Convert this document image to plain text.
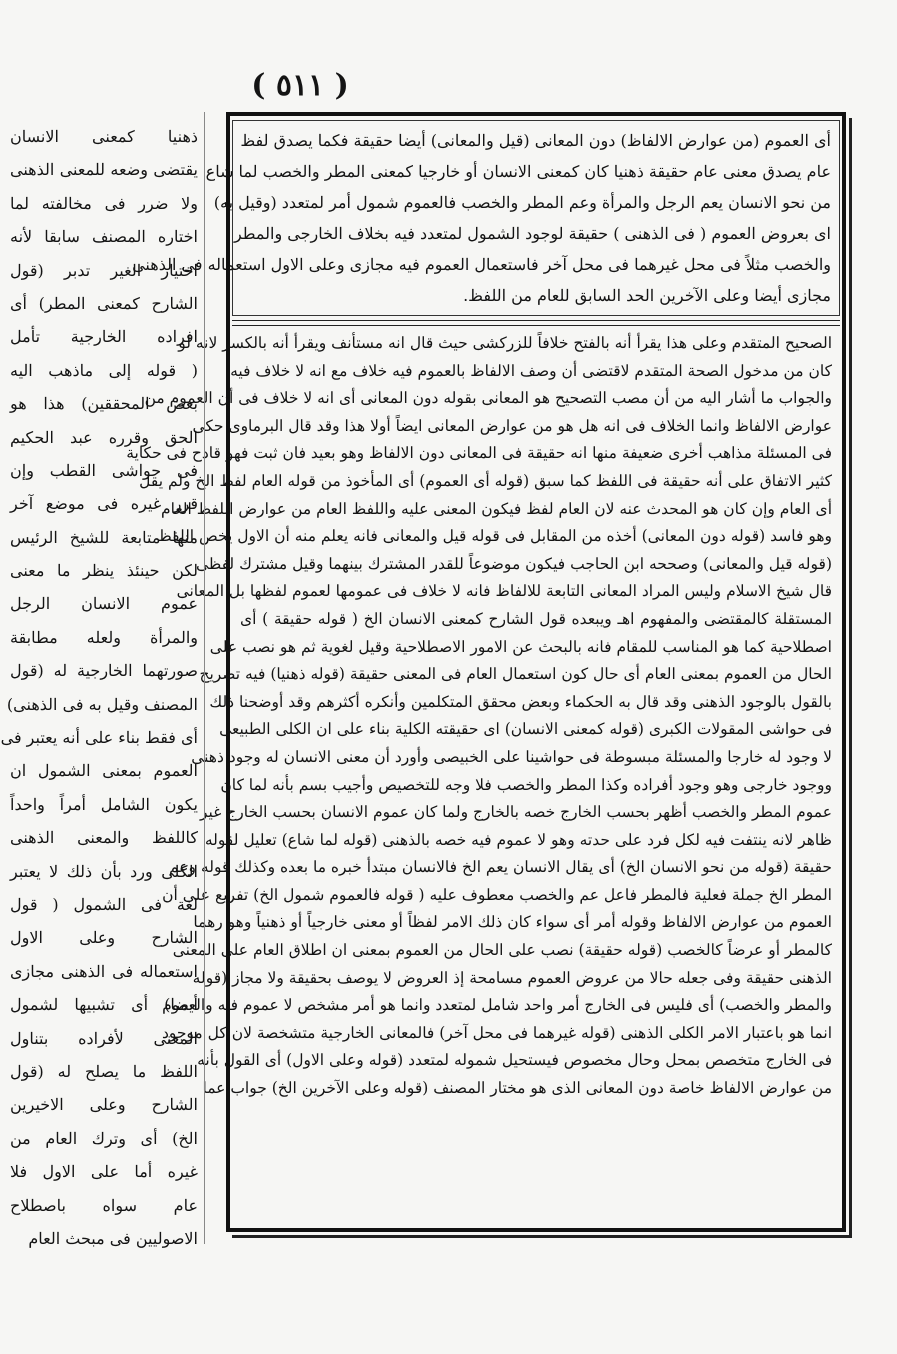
( ٥١١ )
أى العموم (من عوارض الالفاظ) دون المعانى (قيل والمعانى) أيضا حقيقة فكما يصدق لفظ
عام يصدق معنى عام حقيقة ذهنيا كان كمعنى الانسان أو خارجيا كمعنى المطر والخصب لما شاع
من نحو الانسان يعم الرجل والمرأة وعم المطر والخصب فالعموم شمول أمر لمتعدد (وقيل به)
اى بعروض العموم ( فى الذهنى ) حقيقة لوجود الشمول لمتعدد فيه بخلاف الخارجى والمطر
والخصب مثلاً فى محل غيرهما فى محل آخر فاستعمال العموم فيه مجازى وعلى الاول استعماله فى الذهنى
مجازى أيضا وعلى الآخرين الحد السابق للعام من اللفظ.
الصحيح المتقدم وعلى هذا يقرأ أنه بالفتح خلافاً للزركشى حيث قال انه مستأنف ويقرأ أنه بالكسر لانه لو
كان من مدخول الصحة المتقدم لاقتضى أن وصف الالفاظ بالعموم فيه خلاف مع انه لا خلاف فيه
والجواب ما أشار اليه من أن مصب التصحيح هو المعانى بقوله دون المعانى أى انه لا خلاف فى أن العموم من
عوارض الالفاظ وانما الخلاف فى انه هل هو من عوارض المعانى ايضاً أولا هذا وقد قال البرماوى حكى
فى المسئلة مذاهب أخرى ضعيفة منها انه حقيقة فى المعانى دون الالفاظ وهو بعيد فان ثبت فهو قادح فى حكاية
كثير الاتفاق على أنه حقيقة فى اللفظ كما سبق (قوله أى العموم) أى المأخوذ من قوله العام لفظ الخ ولم يقل
أى العام وإن كان هو المحدث عنه لان العام لفظ فيكون المعنى عليه واللفظ العام من عوارض اللفظ العام
وهو فاسد (قوله دون المعانى) أخذه من المقابل فى قوله قيل والمعانى فانه يعلم منه أن الاول يخص اللفظ
(قوله قيل والمعانى) وصححه ابن الحاجب فيكون موضوعاً للقدر المشترك بينهما وقيل مشترك لفظى
قال شيخ الاسلام وليس المراد المعانى التابعة للالفاظ فانه لا خلاف فى عمومها لعموم لفظها بل المعانى
المستقلة كالمقتضى والمفهوم اهـ ويبعده قول الشارح كمعنى الانسان الخ ( قوله حقيقة ) أى
اصطلاحية كما هو المناسب للمقام فانه بالبحث عن الامور الاصطلاحية وقيل لغوية ثم هو نصب على
الحال من العموم بمعنى العام أى حال كون استعمال العام فى المعنى حقيقة (قوله ذهنيا) فيه تصريح
بالقول بالوجود الذهنى وقد قال به الحكماء وبعض محقق المتكلمين وأنكره أكثرهم وقد أوضحنا ذلك
فى حواشى المقولات الكبرى (قوله كمعنى الانسان) اى حقيقته الكلية بناء على ان الكلى الطبيعى
لا وجود له خارجا والمسئلة مبسوطة فى حواشينا على الخبيصى وأورد أن معنى الانسان له وجود ذهنى
ووجود خارجى وهو وجود أفراده وكذا المطر والخصب فلا وجه للتخصيص وأجيب بسم بأنه لما كان
عموم المطر والخصب أظهر بحسب الخارج خصه بالخارج ولما كان عموم الانسان بحسب الخارج غير
ظاهر لانه ينتفت فيه لكل فرد على حدته وهو لا عموم فيه خصه بالذهنى (قوله لما شاع) تعليل لقوله
حقيقة (قوله من نحو الانسان الخ) أى يقال الانسان يعم الخ فالانسان مبتدأ خبره ما بعده وكذلك قوله وعم
المطر الخ جملة فعلية فالمطر فاعل عم والخصب معطوف عليه ( قوله فالعموم شمول الخ) تفريع على أن
العموم من عوارض الالفاظ وقوله أمر أى سواء كان ذلك الامر لفظاً أو معنى خارجياً أو ذهنياً وهو رهما
كالمطر أو عرضاً كالخصب (قوله حقيقة) نصب على الحال من العموم بمعنى ان اطلاق العام على المعنى
الذهنى حقيقة وفى جعله حالا من عروض العموم مسامحة إذ العروض لا يوصف بحقيقة ولا مجاز (قوله
والمطر والخصب) أى فليس فى الخارج أمر واحد شامل لمتعدد وانما هو أمر مشخص لا عموم فيه والعموم
انما هو باعتبار الامر الكلى الذهنى (قوله غيرهما فى محل آخر) فالمعانى الخارجية متشخصة لان كل موجود
فى الخارج متخصص بمحل وحال مخصوص فيستحيل شموله لمتعدد (قوله وعلى الاول) أى القول بأنه
من عوارض الالفاظ خاصة دون المعانى الذى هو مختار المصنف (قوله وعلى الآخرين الخ) جواب عما
ذهنيا كمعنى الانسان
يقتضى وضعه للمعنى الذهنى
ولا ضرر فى مخالفته لما
اختاره المصنف سابقا لأنه
اختيار الغير تدبر (قول
الشارح كمعنى المطر) أى
افراده الخارجية تأمل
( قوله إلى ماذهب اليه
بعض المحققين) هذا هو
الحق وقرره عبد الحكيم
فى حواشى القطب وإن
قرر غيره فى موضع آخر
منها متابعة للشيخ الرئيس
لكن حينئذ ينظر ما معنى
عموم الانسان الرجل
والمرأة ولعله مطابقة
صورتهما الخارجية له (قول
المصنف وقيل به فى الذهنى)
أى فقط بناء على أنه يعتبر فى
العموم بمعنى الشمول ان
يكون الشامل أمراً واحداً
كاللفظ والمعنى الذهنى
الكلى ورد بأن ذلك لا يعتبر
لغة فى الشمول ( قول
الشارح وعلى الاول
استعماله فى الذهنى مجازى
أيضا) أى تشبيها لشمول
المعنى لأفراده بتناول
اللفظ ما يصلح له (قول
الشارح وعلى الاخيرين
الخ) أى وترك العام من
غيره أما على الاول فلا
عام سواه باصطلاح
الاصوليين فى مبحث العام
